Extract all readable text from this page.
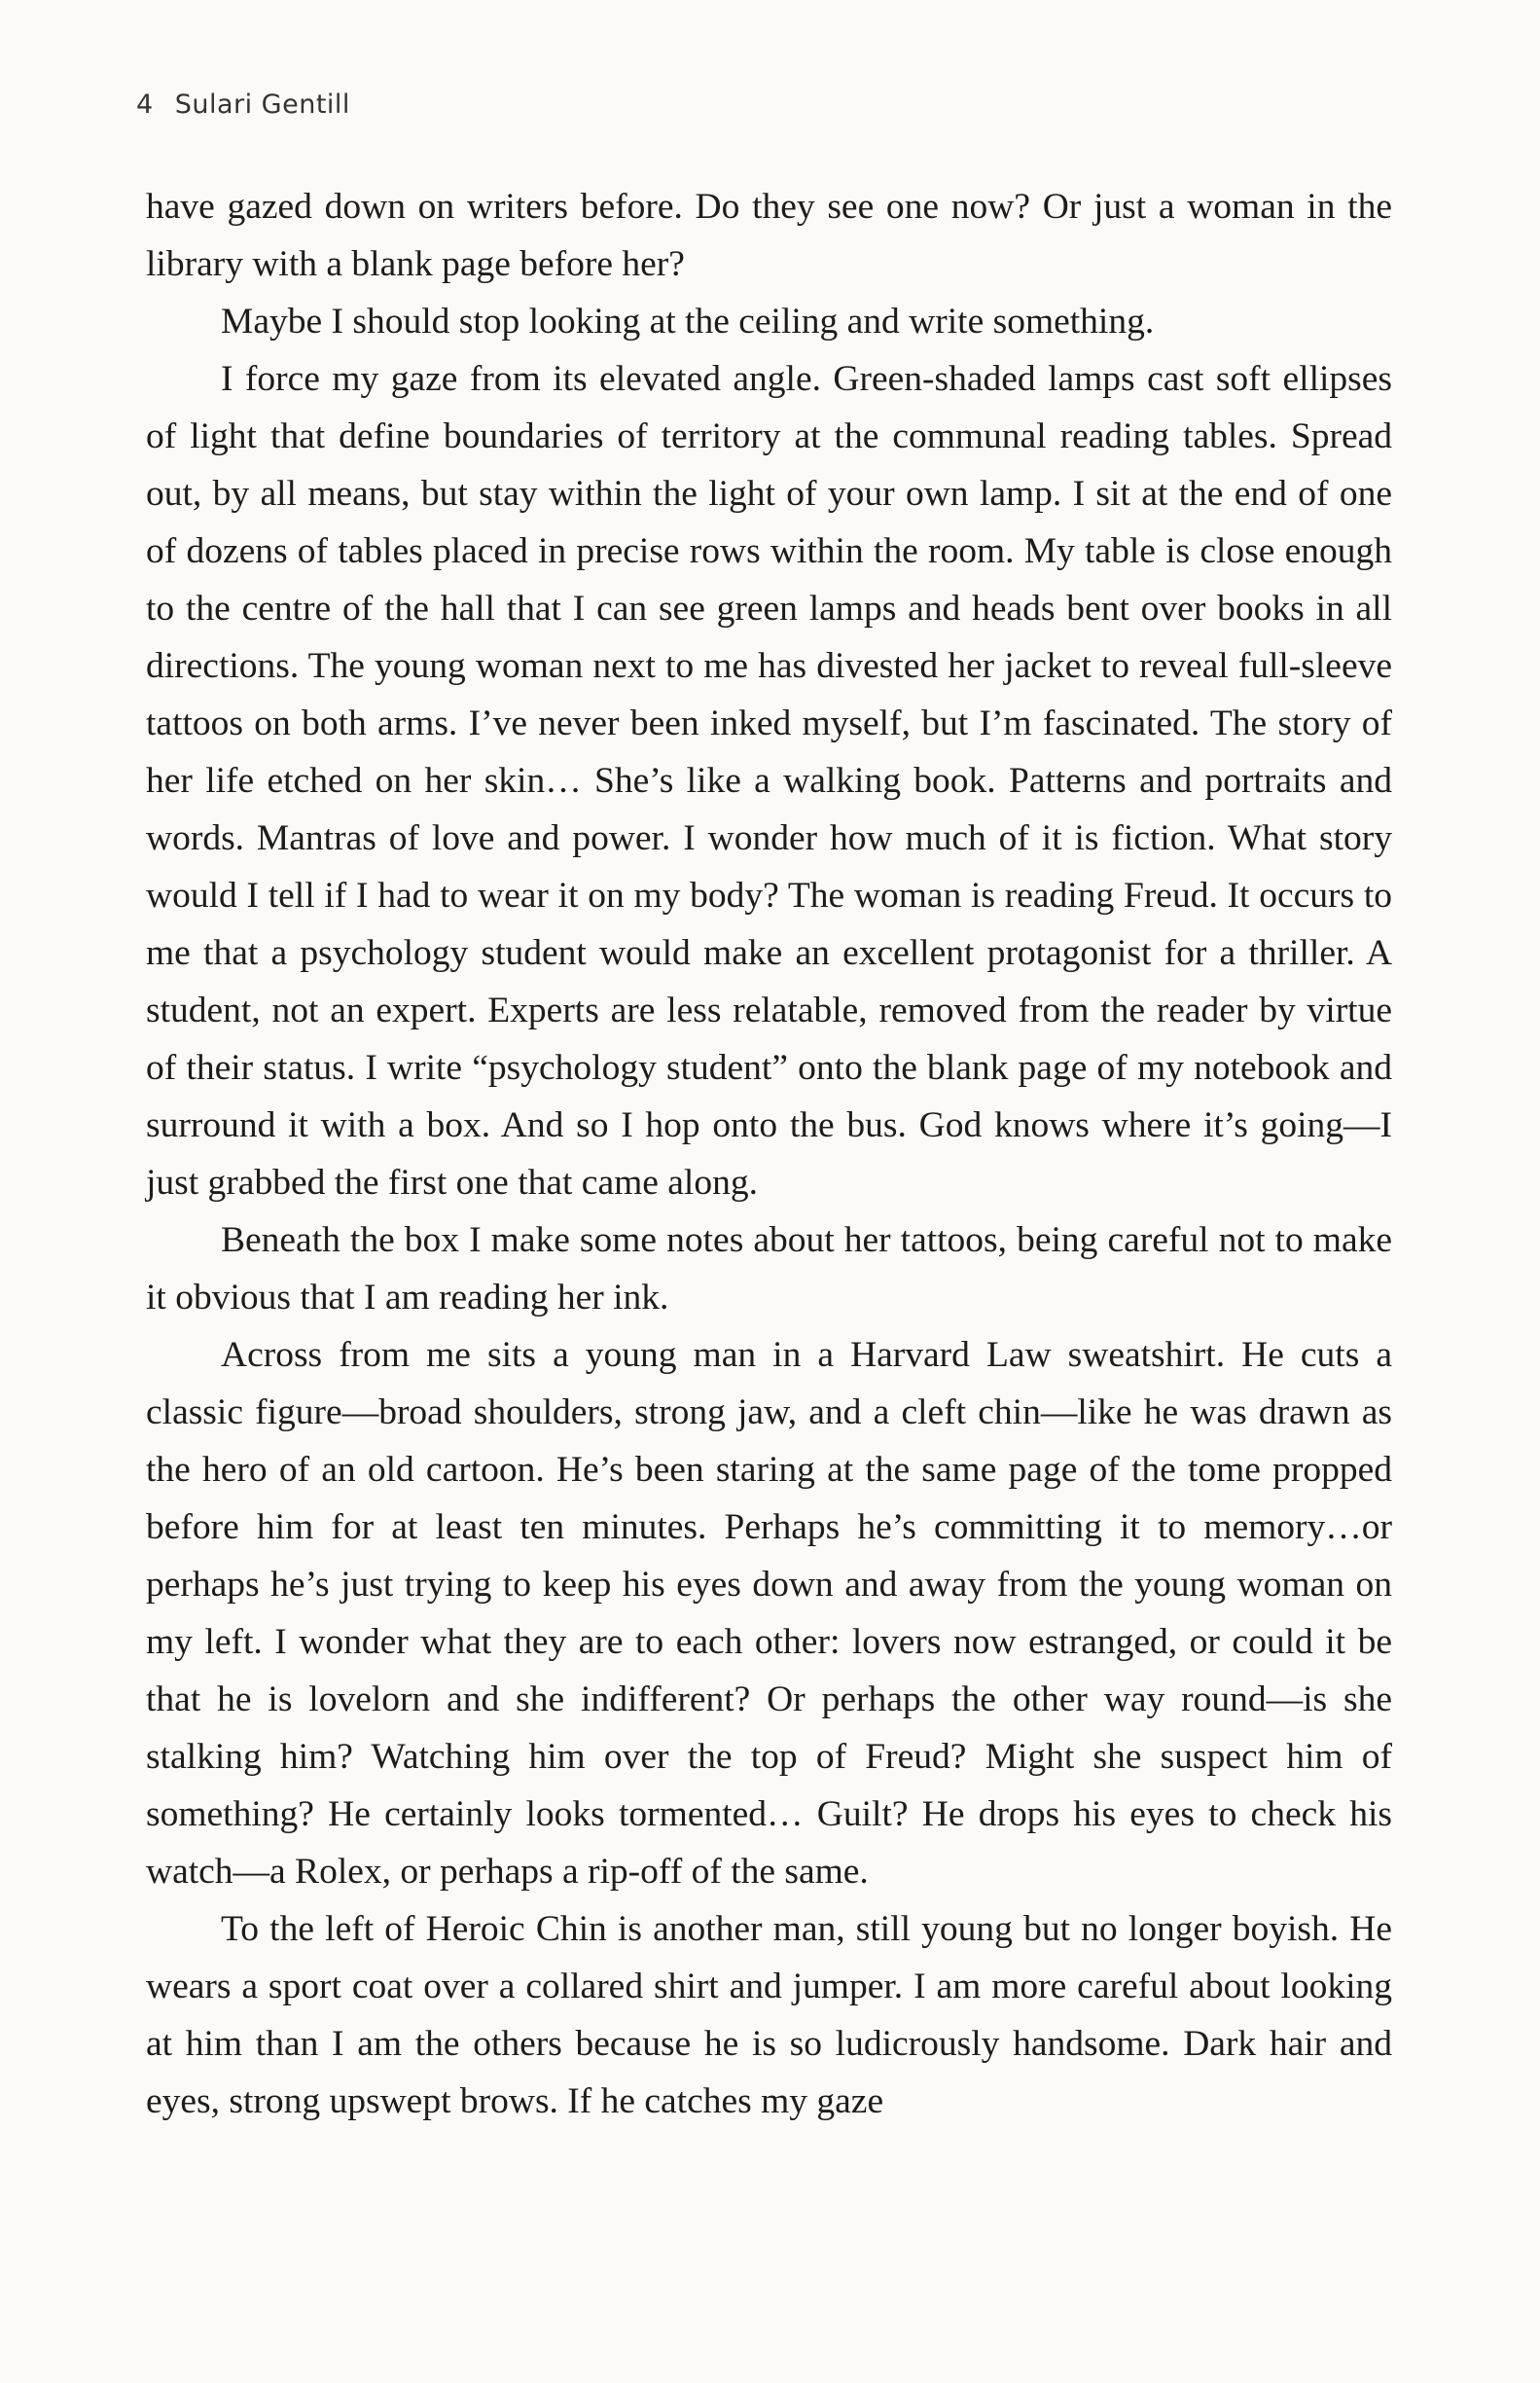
4 Sulari Gentill

have gazed down on writers before. Do they see one now? Or just a woman in the library with a blank page before her?

Maybe I should stop looking at the ceiling and write something.

I force my gaze from its elevated angle. Green-shaded lamps cast soft ellipses of light that define boundaries of territory at the communal reading tables. Spread out, by all means, but stay within the light of your own lamp. I sit at the end of one of dozens of tables placed in precise rows within the room. My table is close enough to the centre of the hall that I can see green lamps and heads bent over books in all directions. The young woman next to me has divested her jacket to reveal full-sleeve tattoos on both arms. I’ve never been inked myself, but I’m fascinated. The story of her life etched on her skin… She’s like a walking book. Patterns and portraits and words. Mantras of love and power. I wonder how much of it is fiction. What story would I tell if I had to wear it on my body? The woman is reading Freud. It occurs to me that a psychology student would make an excellent protagonist for a thriller. A student, not an expert. Experts are less relatable, removed from the reader by virtue of their status. I write “psychology student” onto the blank page of my notebook and surround it with a box. And so I hop onto the bus. God knows where it’s going—I just grabbed the first one that came along.

Beneath the box I make some notes about her tattoos, being careful not to make it obvious that I am reading her ink.

Across from me sits a young man in a Harvard Law sweatshirt. He cuts a classic figure—broad shoulders, strong jaw, and a cleft chin—like he was drawn as the hero of an old cartoon. He’s been staring at the same page of the tome propped before him for at least ten minutes. Perhaps he’s committing it to memory…or perhaps he’s just trying to keep his eyes down and away from the young woman on my left. I wonder what they are to each other: lovers now estranged, or could it be that he is lovelorn and she indifferent? Or perhaps the other way round—is she stalking him? Watching him over the top of Freud? Might she suspect him of something? He certainly looks tormented… Guilt? He drops his eyes to check his watch—a Rolex, or perhaps a rip-off of the same.

To the left of Heroic Chin is another man, still young but no longer boyish. He wears a sport coat over a collared shirt and jumper. I am more careful about looking at him than I am the others because he is so ludicrously handsome. Dark hair and eyes, strong upswept brows. If he catches my gaze
